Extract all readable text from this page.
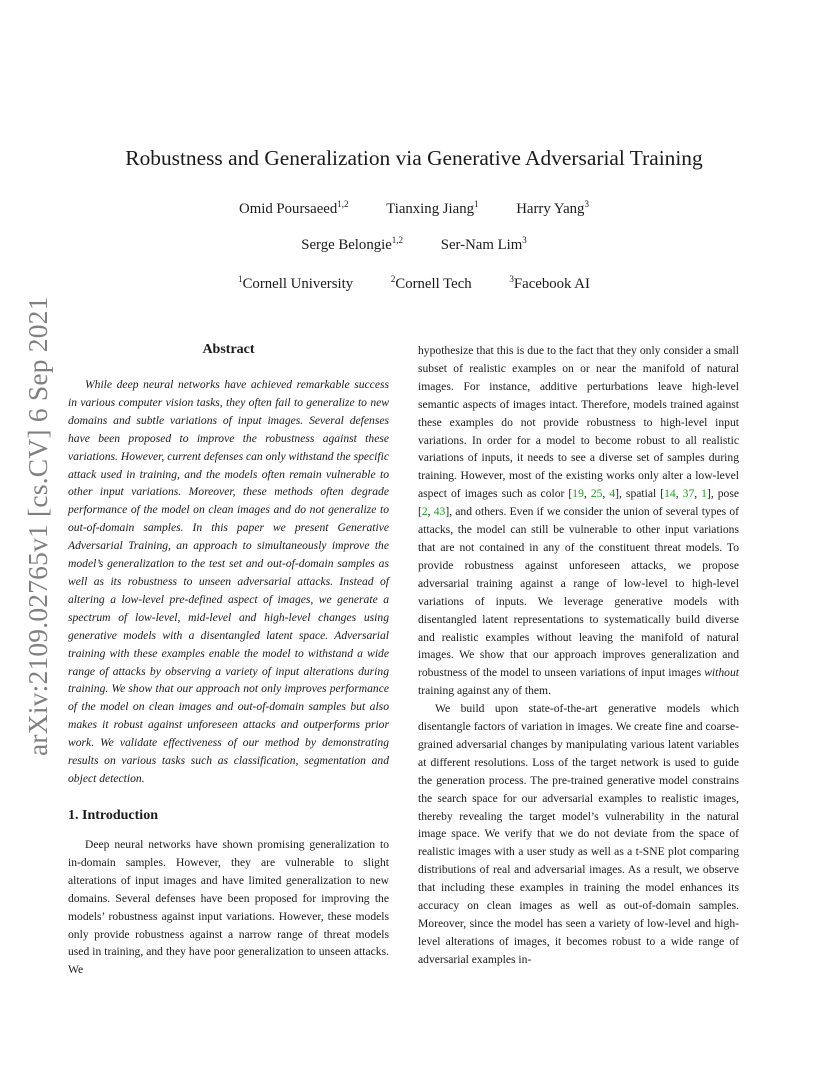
arXiv:2109.02765v1 [cs.CV] 6 Sep 2021
Robustness and Generalization via Generative Adversarial Training
Omid Poursaeed$^{1,2}$	Tianxing Jiang$^1$	Harry Yang$^3$
Serge Belongie$^{1,2}$	Ser-Nam Lim$^3$
$^1$Cornell University	$^2$Cornell Tech	$^3$Facebook AI
Abstract
While deep neural networks have achieved remarkable success in various computer vision tasks, they often fail to generalize to new domains and subtle variations of input images. Several defenses have been proposed to improve the robustness against these variations. However, current defenses can only withstand the specific attack used in training, and the models often remain vulnerable to other input variations. Moreover, these methods often degrade performance of the model on clean images and do not generalize to out-of-domain samples. In this paper we present Generative Adversarial Training, an approach to simultaneously improve the model’s generalization to the test set and out-of-domain samples as well as its robustness to unseen adversarial attacks. Instead of altering a low-level pre-defined aspect of images, we generate a spectrum of low-level, mid-level and high-level changes using generative models with a disentangled latent space. Adversarial training with these examples enable the model to withstand a wide range of attacks by observing a variety of input alterations during training. We show that our approach not only improves performance of the model on clean images and out-of-domain samples but also makes it robust against unforeseen attacks and outperforms prior work. We validate effectiveness of our method by demonstrating results on various tasks such as classification, segmentation and object detection.
1. Introduction
Deep neural networks have shown promising generalization to in-domain samples. However, they are vulnerable to slight alterations of input images and have limited generalization to new domains. Several defenses have been proposed for improving the models’ robustness against input variations. However, these models only provide robustness against a narrow range of threat models used in training, and they have poor generalization to unseen attacks. We

hypothesize that this is due to the fact that they only consider a small subset of realistic examples on or near the manifold of natural images. For instance, additive perturbations leave high-level semantic aspects of images intact. Therefore, models trained against these examples do not provide robustness to high-level input variations. In order for a model to become robust to all realistic variations of inputs, it needs to see a diverse set of samples during training. However, most of the existing works only alter a low-level aspect of images such as color [19, 25, 4], spatial [14, 37, 1], pose [2, 43], and others. Even if we consider the union of several types of attacks, the model can still be vulnerable to other input variations that are not contained in any of the constituent threat models. To provide robustness against unforeseen attacks, we propose adversarial training against a range of low-level to high-level variations of inputs. We leverage generative models with disentangled latent representations to systematically build diverse and realistic examples without leaving the manifold of natural images. We show that our approach improves generalization and robustness of the model to unseen variations of input images without training against any of them.

We build upon state-of-the-art generative models which disentangle factors of variation in images. We create fine and coarse-grained adversarial changes by manipulating various latent variables at different resolutions. Loss of the target network is used to guide the generation process. The pre-trained generative model constrains the search space for our adversarial examples to realistic images, thereby revealing the target model’s vulnerability in the natural image space. We verify that we do not deviate from the space of realistic images with a user study as well as a t-SNE plot comparing distributions of real and adversarial images. As a result, we observe that including these examples in training the model enhances its accuracy on clean images as well as out-of-domain samples. Moreover, since the model has seen a variety of low-level and high-level alterations of images, it becomes robust to a wide range of adversarial examples in-
